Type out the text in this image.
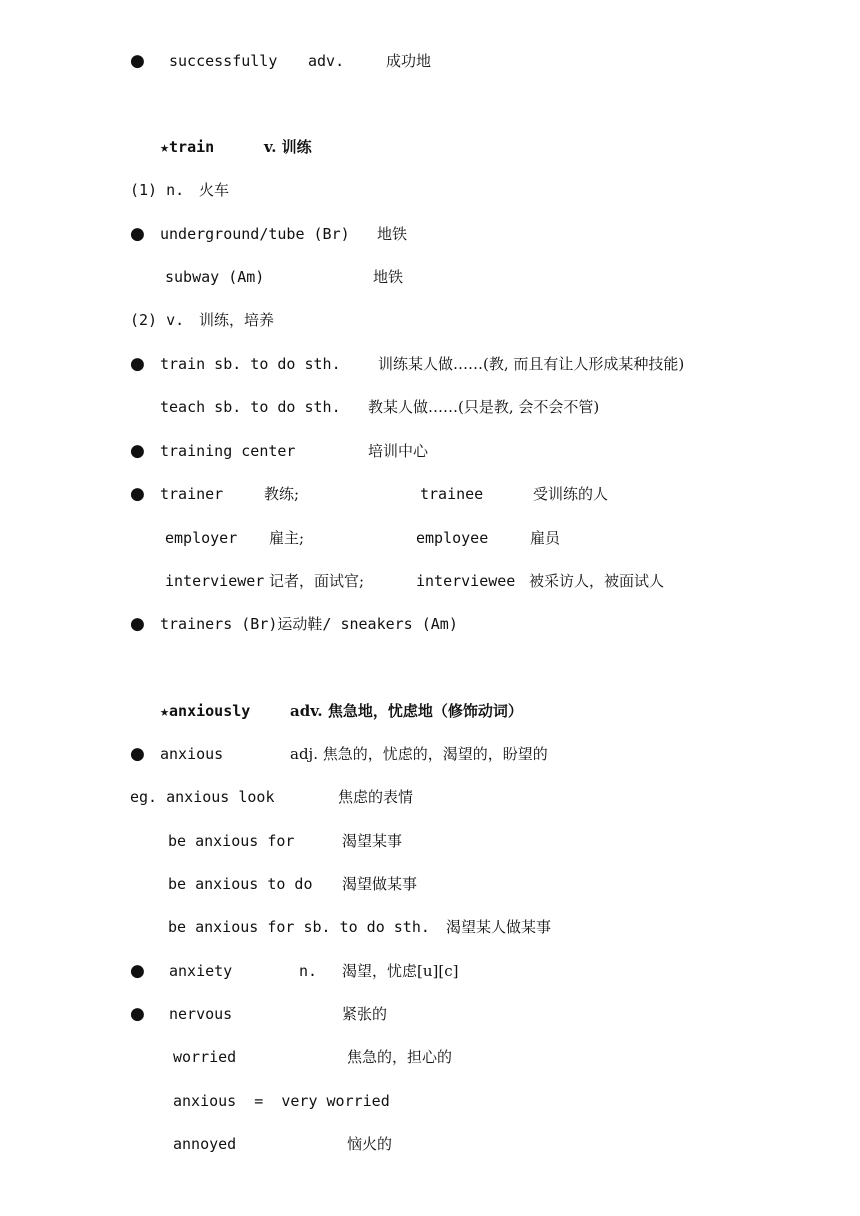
● successfully adv.	成功地
★train	v. 训练
(1) n. 火车
● underground/tube (Br) 地铁
subway (Am)	地铁
(2) v. 训练，培养
● train sb. to do sth. 训练某人做……(教, 而且有让人形成某种技能)
teach sb. to do sth. 教某人做……(只是教, 会不会不管)
● training center	培训中心
● trainer	教练;	trainee	受训练的人
employer 雇主;	employee	雇员
interviewer 记者，面试官;	interviewee 被采访人，被面试人
● trainers (Br)运动鞋/ sneakers (Am)
★anxiously	adv. 焦急地，忧虑地（修饰动词）
● anxious	adj. 焦急的，忧虑的，渴望的，盼望的
eg. anxious look	焦虑的表情
be anxious for	渴望某事
be anxious to do 渴望做某事
be anxious for sb. to do sth. 渴望某人做某事
● anxiety	n. 渴望，忧虑[u][c]
● nervous	紧张的
worried	焦急的，担心的
anxious  =  very worried
annoyed	恼火的
